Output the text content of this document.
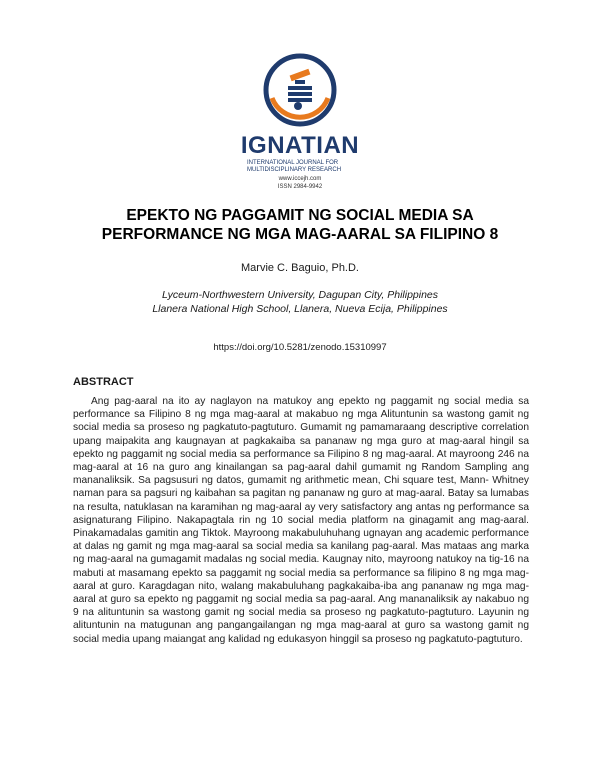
IGNATIAN
INTERNATIONAL JOURNAL FOR MULTIDISCIPLINARY RESEARCH
www.iccejh.com
ISSN 2984-9942
EPEKTO NG PAGGAMIT NG SOCIAL MEDIA SA
PERFORMANCE NG MGA MAG-AARAL SA FILIPINO 8
Marvie C. Baguio, Ph.D.
Lyceum-Northwestern University, Dagupan City, Philippines
Llanera National High School, Llanera, Nueva Ecija, Philippines
https://doi.org/10.5281/zenodo.15310997
ABSTRACT
Ang pag-aaral na ito ay naglayon na matukoy ang epekto ng paggamit ng social media sa performance sa Filipino 8 ng mga mag-aaral at makabuo ng mga Alituntunin sa wastong gamit ng social media sa proseso ng pagkatuto-pagtuturo. Gumamit ng pamamaraang descriptive correlation upang maipakita ang kaugnayan at pagkakaiba sa pananaw ng mga guro at mag-aaral hingil sa epekto ng paggamit ng social media sa performance sa Filipino 8 ng mag-aaral. At mayroong 246 na mag-aaral at 16 na guro ang kinailangan sa pag-aaral dahil gumamit ng Random Sampling ang mananaliksik. Sa pagsusuri ng datos, gumamit ng arithmetic mean, Chi square test, Mann- Whitney naman para sa pagsuri ng kaibahan sa pagitan ng pananaw ng guro at mag-aaral. Batay sa lumabas na resulta, natuklasan na karamihan ng mag-aaral ay very satisfactory ang antas ng performance sa asignaturang Filipino. Nakapagtala rin ng 10 social media platform na ginagamit ang mag-aaral. Pinakamadalas gamitin ang Tiktok. Mayroong makabuluhuhang ugnayan ang academic performance at dalas ng gamit ng mga mag-aaral sa social media sa kanilang pag-aaral. Mas mataas ang marka ng mag-aaral na gumagamit madalas ng social media. Kaugnay nito, mayroong natukoy na tig-16 na mabuti at masamang epekto sa paggamit ng social media sa performance sa filipino 8 ng mga mag-aaral at guro. Karagdagan nito, walang makabuluhang pagkakaiba-iba ang pananaw ng mga mag-aaral at guro sa epekto ng paggamit ng social media sa pag-aaral. Ang mananaliksik ay nakabuo ng 9 na alituntunin sa wastong gamit ng social media sa proseso ng pagkatuto-pagtuturo. Layunin ng alituntunin na matugunan ang pangangailangan ng mga mag-aaral at guro sa wastong gamit ng social media upang maiangat ang kalidad ng edukasyon hinggil sa proseso ng pagkatuto-pagtuturo.
